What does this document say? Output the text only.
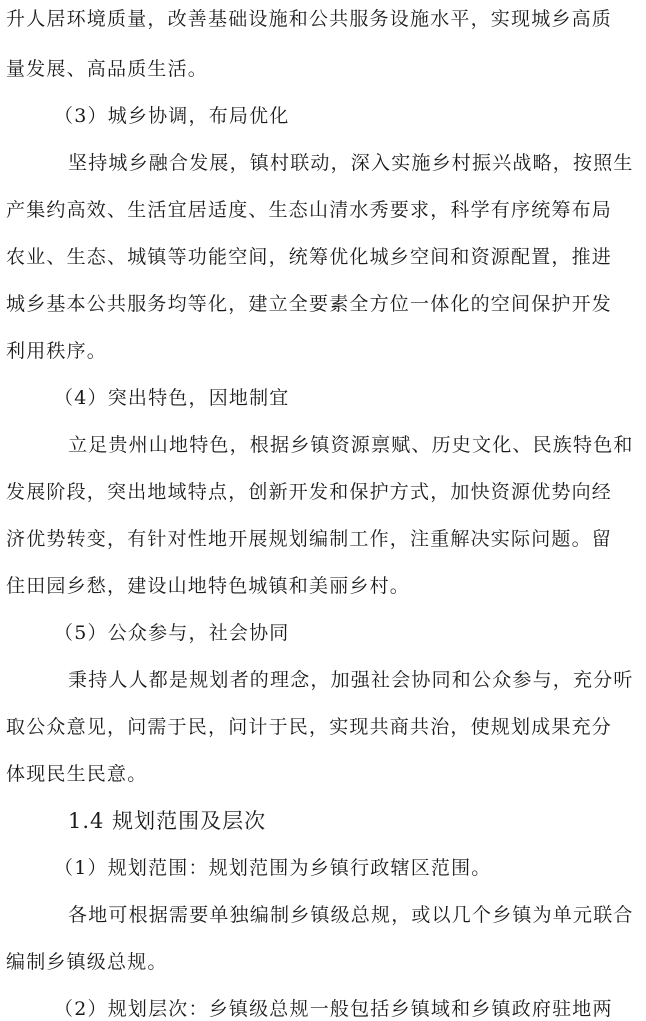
升人居环境质量，改善基础设施和公共服务设施水平，实现城乡高质
量发展、高品质生活。
（3）城乡协调，布局优化
坚持城乡融合发展，镇村联动，深入实施乡村振兴战略，按照生
产集约高效、生活宜居适度、生态山清水秀要求，科学有序统筹布局
农业、生态、城镇等功能空间，统筹优化城乡空间和资源配置，推进
城乡基本公共服务均等化，建立全要素全方位一体化的空间保护开发
利用秩序。
（4）突出特色，因地制宜
立足贵州山地特色，根据乡镇资源禀赋、历史文化、民族特色和
发展阶段，突出地域特点，创新开发和保护方式，加快资源优势向经
济优势转变，有针对性地开展规划编制工作，注重解决实际问题。留
住田园乡愁，建设山地特色城镇和美丽乡村。
（5）公众参与，社会协同
秉持人人都是规划者的理念，加强社会协同和公众参与，充分听
取公众意见，问需于民，问计于民，实现共商共治，使规划成果充分
体现民生民意。
1.4 规划范围及层次
（1）规划范围：规划范围为乡镇行政辖区范围。
各地可根据需要单独编制乡镇级总规，或以几个乡镇为单元联合
编制乡镇级总规。
（2）规划层次：乡镇级总规一般包括乡镇域和乡镇政府驻地两
